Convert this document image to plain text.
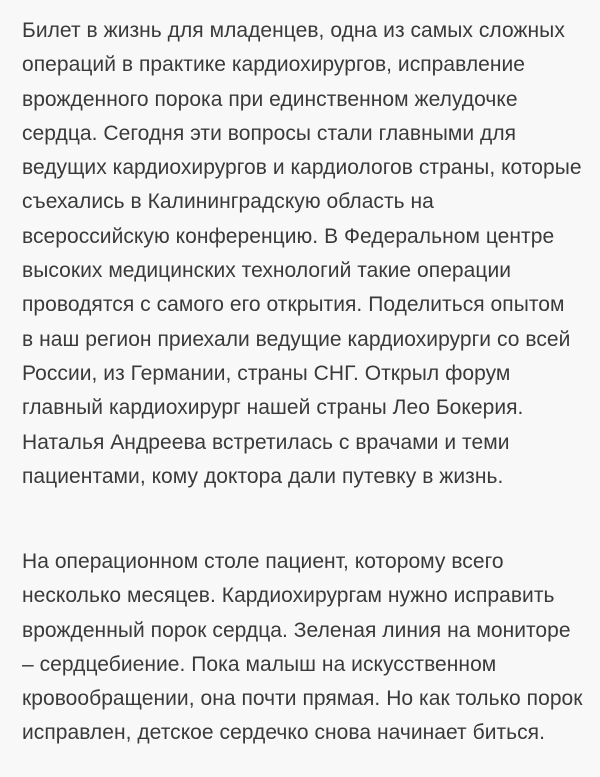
Билет в жизнь для младенцев, одна из самых сложных
операций в практике кардиохирургов, исправление
врожденного порока при единственном желудочке
сердца. Сегодня эти вопросы стали главными для
ведущих кардиохирургов и кардиологов страны, которые
съехались в Калининградскую область на
всероссийскую конференцию. В Федеральном центре
высоких медицинских технологий такие операции
проводятся с самого его открытия. Поделиться опытом
в наш регион приехали ведущие кардиохирурги со всей
России, из Германии, страны СНГ. Открыл форум
главный кардиохирург нашей страны Лео Бокерия.
Наталья Андреева встретилась с врачами и теми
пациентами, кому доктора дали путевку в жизнь.

На операционном столе пациент, которому всего
несколько месяцев. Кардиохирургам нужно исправить
врожденный порок сердца. Зеленая линия на мониторе
– сердцебиение. Пока малыш на искусственном
кровообращении, она почти прямая. Но как только порок
исправлен, детское сердечко снова начинает биться.
